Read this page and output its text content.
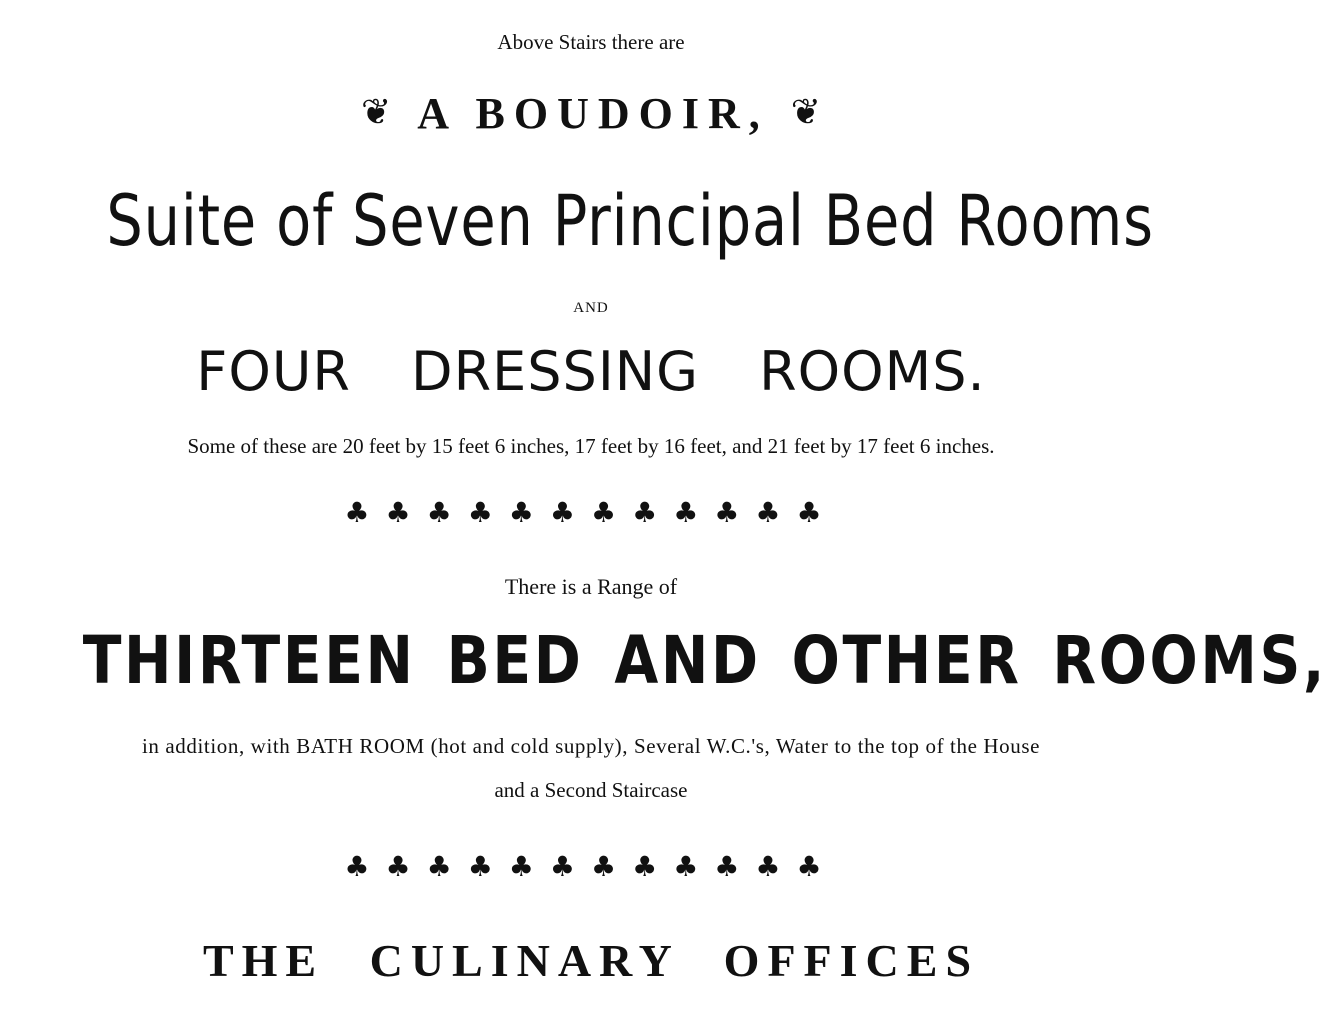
Above Stairs there are
❦ A BOUDOIR, ❦
Suite of Seven Principal Bed Rooms
AND
FOUR DRESSING ROOMS.
Some of these are 20 feet by 15 feet 6 inches, 17 feet by 16 feet, and 21 feet by 17 feet 6 inches.
♣♣♣♣♣♣♣♣♣♣♣♣
There is a Range of
THIRTEEN BED AND OTHER ROOMS,
in addition, with BATH ROOM (hot and cold supply), Several W.C.'s, Water to the top of the House
and a Second Staircase
♣♣♣♣♣♣♣♣♣♣♣♣
THE CULINARY OFFICES
